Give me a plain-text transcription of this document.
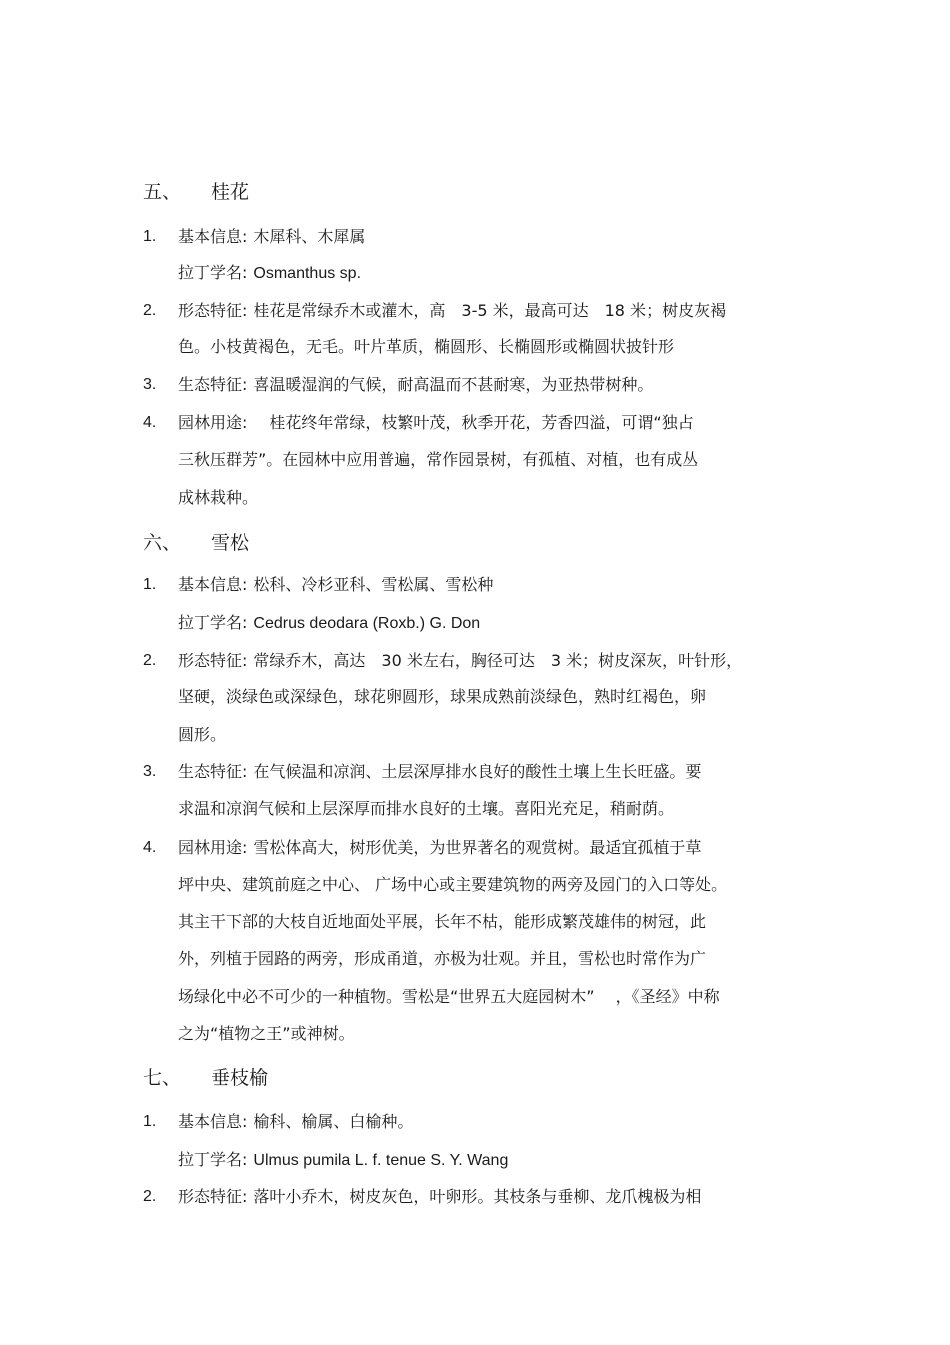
五、 桂花
1. 基本信息: 木犀科、木犀属
拉丁学名: Osmanthus sp.
2. 形态特征: 桂花是常绿乔木或灌木，高　3-5 米，最高可达　18 米；树皮灰褐
色。小枝黄褐色，无毛。叶片革质，椭圆形、长椭圆形或椭圆状披针形
3. 生态特征: 喜温暖湿润的气候，耐高温而不甚耐寒，为亚热带树种。
4. 园林用途:　桂花终年常绿，枝繁叶茂，秋季开花，芳香四溢，可谓“独占
三秋压群芳”。在园林中应用普遍，常作园景树，有孤植、对植，也有成丛
成林栽种。
六、 雪松
1. 基本信息: 松科、冷杉亚科、雪松属、雪松种
拉丁学名: Cedrus deodara (Roxb.) G. Don
2. 形态特征: 常绿乔木，高达　30 米左右，胸径可达　3 米；树皮深灰，叶针形，
坚硬，淡绿色或深绿色，球花卵圆形，球果成熟前淡绿色，熟时红褐色，卵
圆形。
3. 生态特征: 在气候温和凉润、土层深厚排水良好的酸性土壤上生长旺盛。要
求温和凉润气候和上层深厚而排水良好的土壤。喜阳光充足，稍耐荫。
4. 园林用途: 雪松体高大，树形优美，为世界著名的观赏树。最适宜孤植于草
坪中央、建筑前庭之中心、 广场中心或主要建筑物的两旁及园门的入口等处。
其主干下部的大枝自近地面处平展，长年不枯，能形成繁茂雄伟的树冠，此
外，列植于园路的两旁，形成甬道，亦极为壮观。并且，雪松也时常作为广
场绿化中必不可少的一种植物。雪松是“世界五大庭园树木”　 ，《圣经》中称
之为“植物之王”或神树。
七、 垂枝榆
1. 基本信息: 榆科、榆属、白榆种。
拉丁学名: Ulmus pumila L. f. tenue S. Y. Wang
2. 形态特征: 落叶小乔木，树皮灰色，叶卵形。其枝条与垂柳、龙爪槐极为相
